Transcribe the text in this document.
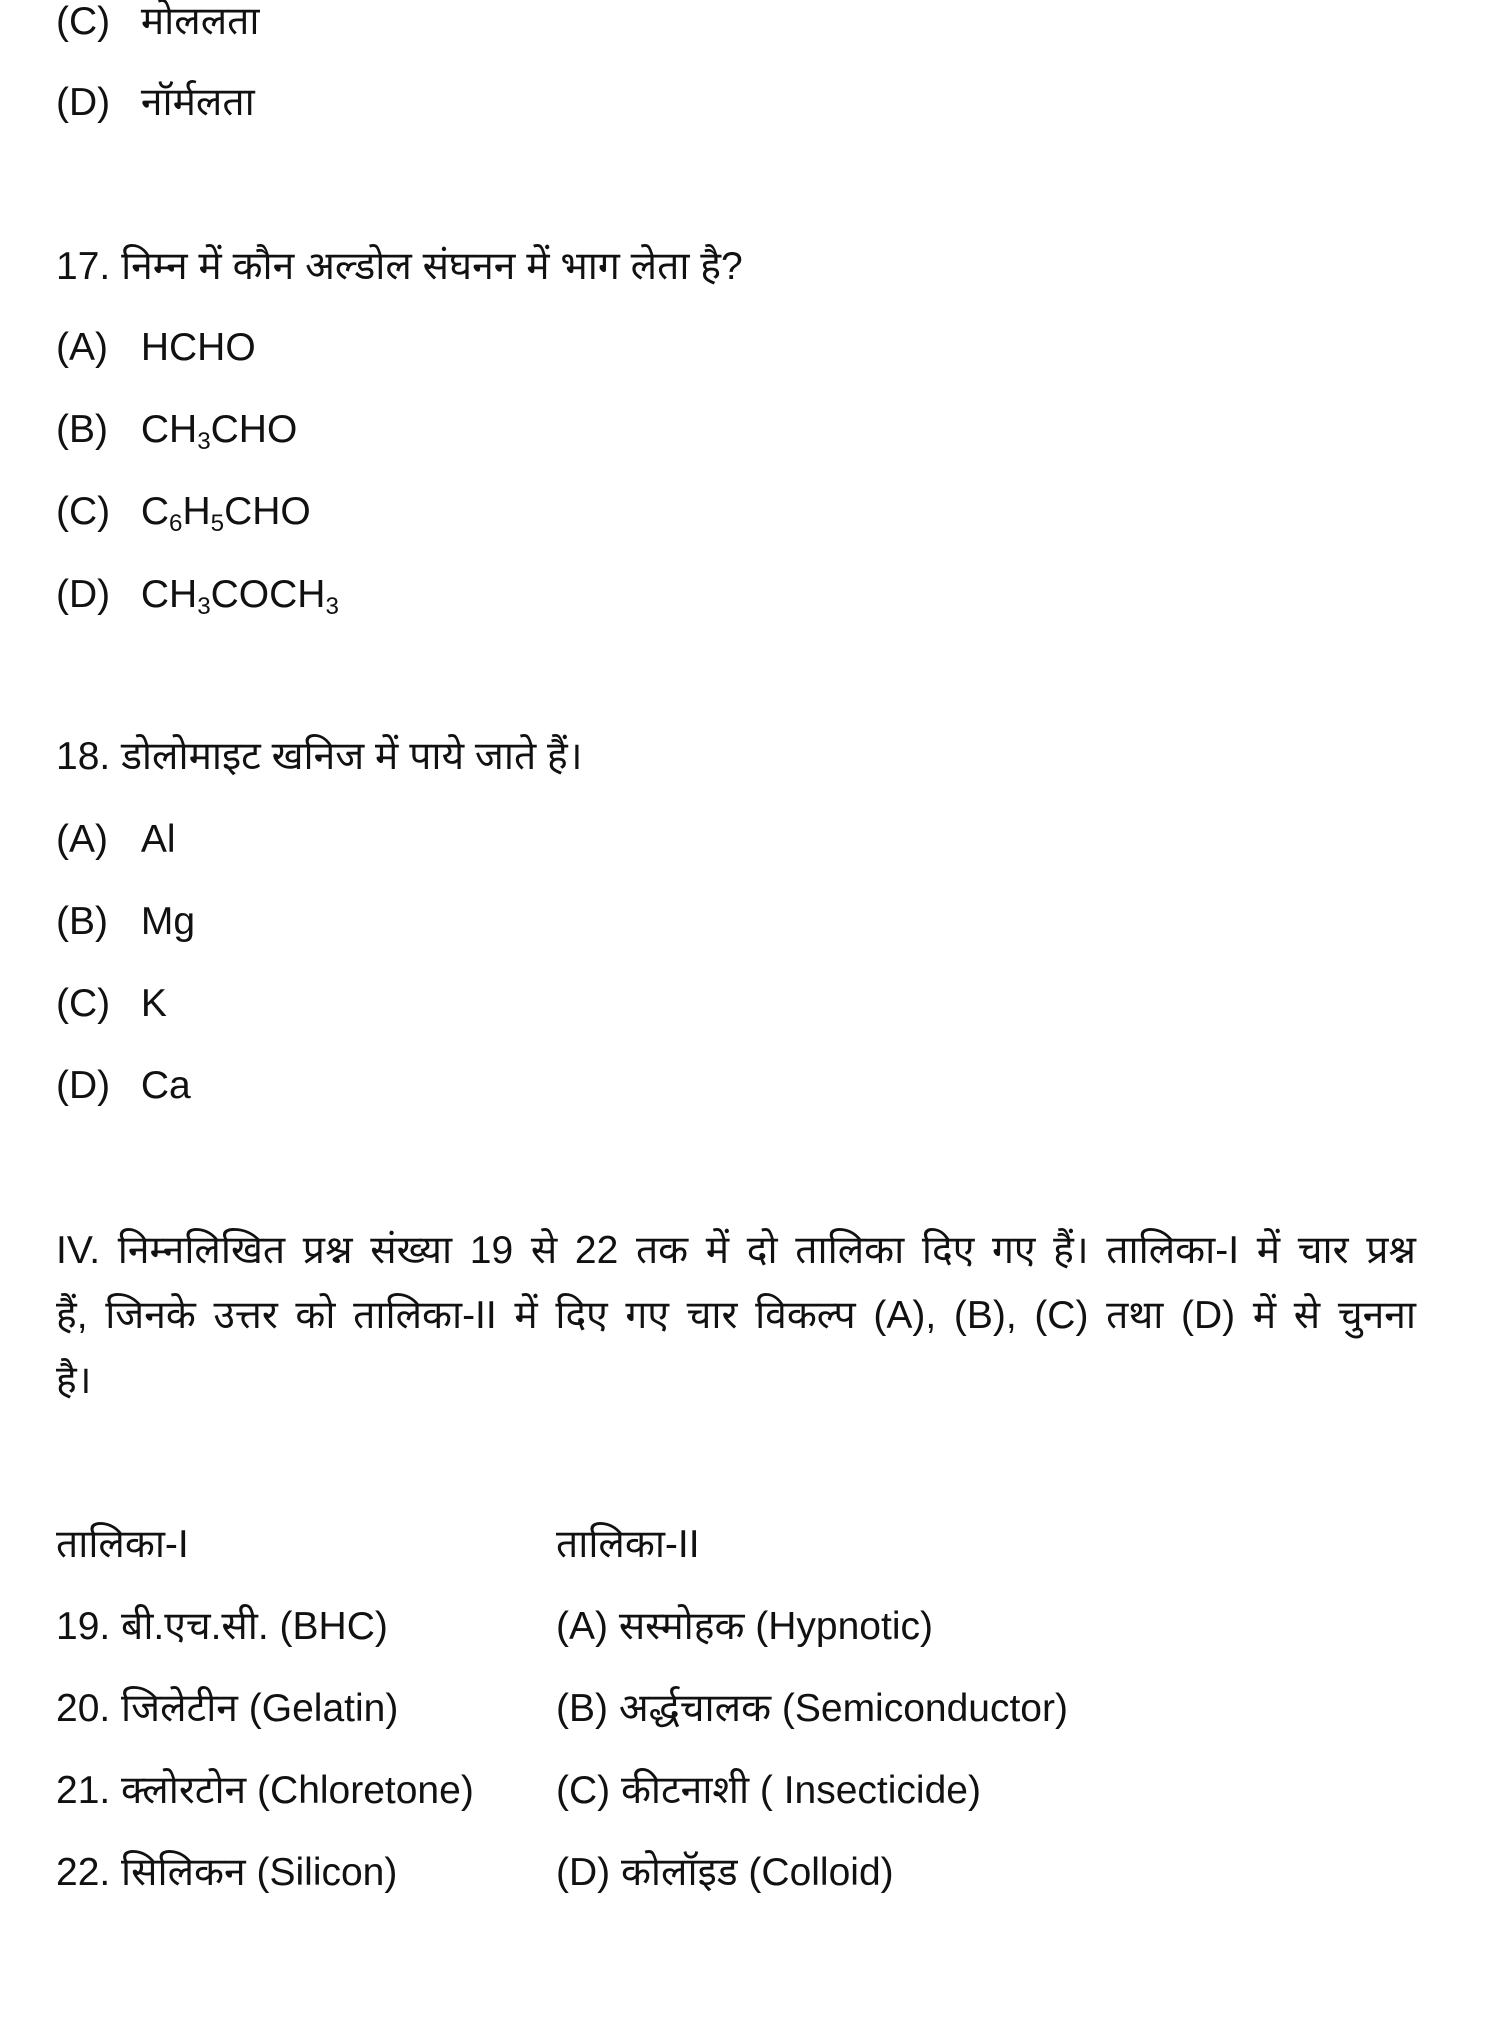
(C) मोललता
(D) नॉर्मलता
17. निम्न में कौन अल्डोल संघनन में भाग लेता है?
(A) HCHO
(B) $CH_3CHO$
(C) $C_6H_5CHO$
(D) $CH_3COCH_3$
18. डोलोमाइट खनिज में पाये जाते हैं।
(A) Al
(B) Mg
(C) K
(D) Ca
IV. निम्नलिखित प्रश्न संख्या 19 से 22 तक में दो तालिका दिए गए हैं। तालिका-I में चार प्रश्न हैं, जिनके उत्तर को तालिका-II में दिए गए चार विकल्प (A), (B), (C) तथा (D) में से चुनना है।
तालिका-I	तालिका-II
19. बी.एच.सी. (BHC)	(A) सस्मोहक (Hypnotic)
20. जिलेटीन (Gelatin)	(B) अर्द्धचालक (Semiconductor)
21. क्लोरटोन (Chloretone) (C) कीटनाशी ( Insecticide)
22. सिलिकन (Silicon)	(D) कोलॉइड (Colloid)
